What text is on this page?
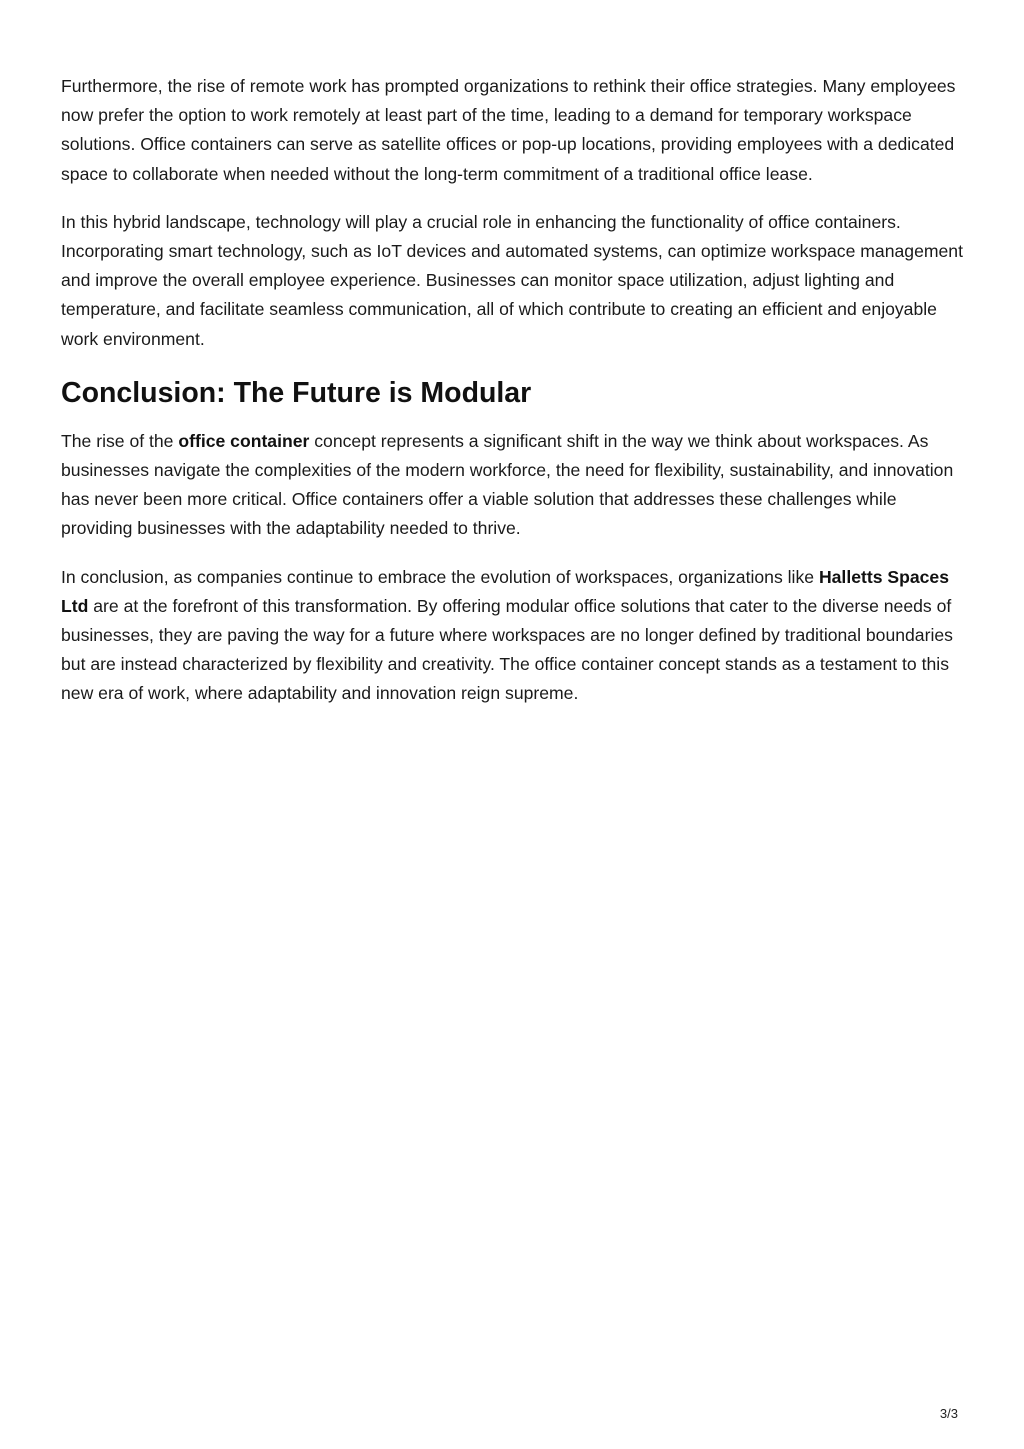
Furthermore, the rise of remote work has prompted organizations to rethink their office strategies. Many employees now prefer the option to work remotely at least part of the time, leading to a demand for temporary workspace solutions. Office containers can serve as satellite offices or pop-up locations, providing employees with a dedicated space to collaborate when needed without the long-term commitment of a traditional office lease.

In this hybrid landscape, technology will play a crucial role in enhancing the functionality of office containers. Incorporating smart technology, such as IoT devices and automated systems, can optimize workspace management and improve the overall employee experience. Businesses can monitor space utilization, adjust lighting and temperature, and facilitate seamless communication, all of which contribute to creating an efficient and enjoyable work environment.

Conclusion: The Future is Modular

The rise of the office container concept represents a significant shift in the way we think about workspaces. As businesses navigate the complexities of the modern workforce, the need for flexibility, sustainability, and innovation has never been more critical. Office containers offer a viable solution that addresses these challenges while providing businesses with the adaptability needed to thrive.

In conclusion, as companies continue to embrace the evolution of workspaces, organizations like Halletts Spaces Ltd are at the forefront of this transformation. By offering modular office solutions that cater to the diverse needs of businesses, they are paving the way for a future where workspaces are no longer defined by traditional boundaries but are instead characterized by flexibility and creativity. The office container concept stands as a testament to this new era of work, where adaptability and innovation reign supreme.

3/3
